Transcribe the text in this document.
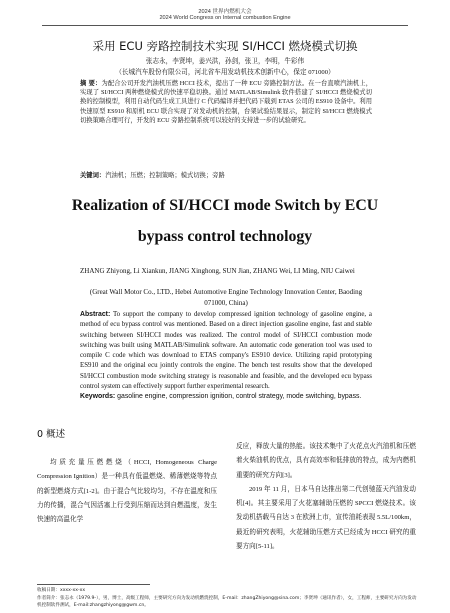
2024 世界内燃机大会
2024 World Congress on Internal combustion Engine
采用 ECU 旁路控制技术实现 SI/HCCI 燃烧模式切换
张志永，李贤坤，姜兴洪，孙剑，张卫，李明，牛彩伟
（长城汽车股份有限公司，河北省车用发动机技术创新中心，保定 071000）
摘 要：为配合公司开发汽油机压燃 HCCI 技术，提出了一种 ECU 旁路控制方法。在一台直喷汽油机上，实现了 SI/HCCI 两种燃烧模式的快速平稳切换。通过 MATLAB/Simulink 软件搭建了 SI/HCCI 燃烧模式切换的控制模型，利用自动代码生成工具进行 C 代码编译并把代码下载到 ETAS 公司的 ES910 设备中。利用快速原型 ES910 和原机 ECU 联合实现了对发动机的控制，台架试验结果显示，制定的 SI/HCCI 燃烧模式切换策略合理可行，开发的 ECU 旁路控制系统可以较好的支持进一步的试验研究。
关键词：汽油机；压燃；控制策略；模式切换；旁路
Realization of SI/HCCI mode Switch by ECU bypass control technology
ZHANG Zhiyong, Li Xiankun, JIANG Xinghong, SUN Jian, ZHANG Wei, LI Ming, NIU Caiwei
(Great Wall Motor Co., LTD., Hebei Automotive Engine Technology Innovation Center, Baoding 071000, China)
Abstract: To support the company to develop compressed ignition technology of gasoline engine, a method of ecu bypass control was mentioned. Based on a direct injection gasoline engine, fast and stable switching between SI/HCCI modes was realized. The control model of SI/HCCI combustion mode switching was built using MATLAB/Simulink software. An automatic code generation tool was used to compile C code which was download to ETAS company's ES910 device. Utilizing rapid prototyping ES910 and the original ecu jointly controls the engine. The bench test results show that the developed SI/HCCI combustion mode switching strategy is reasonable and feasible, and the developed ecu bypass control system can effectively support further experimental research.
Keywords: gasoline engine, compression ignition, control strategy, mode switching, bypass.
0 概述
均质充量压燃燃烧（HCCI, Homogeneous Charge Compression Ignition）是一种具有低温燃烧、稀薄燃烧等特点的新型燃烧方式[1-2]。由于混合气比较均匀，不存在温度和压力的传播，混合气因活塞上行受到压缩而达到自燃温度，发生快速的高温化学

反应，释放大量的热能。该技术集中了火花点火汽油机和压燃着火柴油机的优点，具有高效率和低排放的特点，成为内燃机重要的研究方向[3]。

2019 年 11 月，日本马自达推出第二代创驰蓝天汽油发动机[4]。其主要采用了火花塞辅助压燃的 SPCCI 燃烧技术。该发动机搭载马自达 3 在欧洲上市，宣传油耗表现 5.5L/100km，最近的研究表明，火花辅助压燃方式已经成为 HCCI 研究的重要方向[5-11]。

收稿日期：xxxx-xx-xx
作者简介：张志永（1979.9-），男，博士，高级工程师，主要研究方向为发动机燃烧控制，E-mail：zhangZhiyong@sina.com；李贤坤（通讯作者），女，工程师，主要研究方向为发动机控制软件测试，E-mail:zhangzhiyong@gwm.cn。
